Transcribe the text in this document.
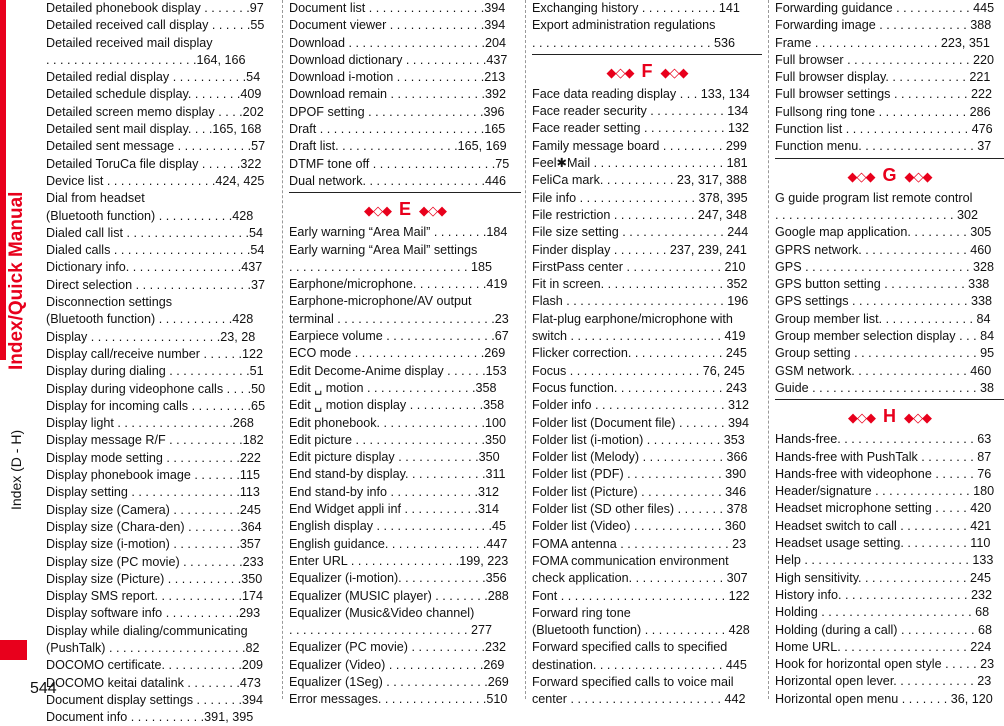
Index (D - H)
Index/Quick Manual
544
Detailed phonebook display . . . . . . .97
Detailed received call display . . . . . .55
Detailed received mail display
. . . . . . . . . . . . . . . . . . . . . .164, 166
Detailed redial display . . . . . . . . . . .54
Detailed schedule display. . . . . . . .409
Detailed screen memo display . . . .202
Detailed sent mail display. . . .165, 168
Detailed sent message . . . . . . . . . . .57
Detailed ToruCa file display . . . . . .322
Device list . . . . . . . . . . . . . . . .424, 425
Dial from headset
(Bluetooth function) . . . . . . . . . . .428
Dialed call list . . . . . . . . . . . . . . . . . .54
Dialed calls . . . . . . . . . . . . . . . . . . . .54
Dictionary info. . . . . . . . . . . . . . . . .437
Direct selection . . . . . . . . . . . . . . . . .37
Disconnection settings
(Bluetooth function) . . . . . . . . . . .428
Display . . . . . . . . . . . . . . . . . . .23, 28
Display call/receive number . . . . . .122
Display during dialing . . . . . . . . . . . .51
Display during videophone calls . . . .50
Display for incoming calls . . . . . . . . .65
Display light . . . . . . . . . . . . . . . . .268
Display message R/F . . . . . . . . . . .182
Display mode setting . . . . . . . . . . .222
Display phonebook image . . . . . . .115
Display setting . . . . . . . . . . . . . . . .113
Display size (Camera) . . . . . . . . . .245
Display size (Chara-den) . . . . . . . .364
Display size (i-motion) . . . . . . . . . .357
Display size (PC movie) . . . . . . . . .233
Display size (Picture) . . . . . . . . . . .350
Display SMS report. . . . . . . . . . . . .174
Display software info . . . . . . . . . . .293
Display while dialing/communicating
(PushTalk) . . . . . . . . . . . . . . . . . . . .82
DOCOMO certificate. . . . . . . . . . . .209
DOCOMO keitai datalink . . . . . . . .473
Document display settings . . . . . . .394
Document info . . . . . . . . . . .391, 395
Document list . . . . . . . . . . . . . . . . .394
Document viewer . . . . . . . . . . . . . .394
Download . . . . . . . . . . . . . . . . . . . .204
Download dictionary . . . . . . . . . . . .437
Download i-motion . . . . . . . . . . . . .213
Download remain . . . . . . . . . . . . . .392
DPOF setting . . . . . . . . . . . . . . . . .396
Draft . . . . . . . . . . . . . . . . . . . . . . . .165
Draft list. . . . . . . . . . . . . . . . . .165, 169
DTMF tone off . . . . . . . . . . . . . . . . . .75
Dual network. . . . . . . . . . . . . . . . . .446
◆◇◆ E ◆◇◆
Early warning “Area Mail” . . . . . . . .184
Early warning “Area Mail” settings
. . . . . . . . . . . . . . . . . . . . . . . . . . 185
Earphone/microphone. . . . . . . . . . .419
Earphone-microphone/AV output
terminal . . . . . . . . . . . . . . . . . . . . . . .23
Earpiece volume . . . . . . . . . . . . . . . .67
ECO mode . . . . . . . . . . . . . . . . . . .269
Edit Decome-Anime display . . . . . .153
Edit ␣ motion . . . . . . . . . . . . . . . .358
Edit ␣ motion display . . . . . . . . . . .358
Edit phonebook. . . . . . . . . . . . . . . .100
Edit picture . . . . . . . . . . . . . . . . . . .350
Edit picture display . . . . . . . . . . . .350
End stand-by display. . . . . . . . . . . .311
End stand-by info . . . . . . . . . . . . .312
End Widget appli inf . . . . . . . . . . .314
English display . . . . . . . . . . . . . . . . .45
English guidance. . . . . . . . . . . . . . .447
Enter URL . . . . . . . . . . . . . . . .199, 223
Equalizer (i-motion). . . . . . . . . . . . .356
Equalizer (MUSIC player) . . . . . . . .288
Equalizer (Music&Video channel)
. . . . . . . . . . . . . . . . . . . . . . . . . . 277
Equalizer (PC movie) . . . . . . . . . . .232
Equalizer (Video) . . . . . . . . . . . . . .269
Equalizer (1Seg) . . . . . . . . . . . . . . .269
Error messages. . . . . . . . . . . . . . . .510
Exchanging history . . . . . . . . . . . 141
Export administration regulations
. . . . . . . . . . . . . . . . . . . . . . . . . . 536
◆◇◆ F ◆◇◆
Face data reading display . . . 133, 134
Face reader security . . . . . . . . . . . 134
Face reader setting . . . . . . . . . . . . 132
Family message board . . . . . . . . . 299
Feel✱Mail . . . . . . . . . . . . . . . . . . . 181
FeliCa mark. . . . . . . . . . . 23, 317, 388
File info . . . . . . . . . . . . . . . . . 378, 395
File restriction . . . . . . . . . . . . 247, 348
File size setting . . . . . . . . . . . . . . . 244
Finder display . . . . . . . . 237, 239, 241
FirstPass center . . . . . . . . . . . . . . 210
Fit in screen. . . . . . . . . . . . . . . . . . 352
Flash . . . . . . . . . . . . . . . . . . . . . . . 196
Flat-plug earphone/microphone with
switch . . . . . . . . . . . . . . . . . . . . . . 419
Flicker correction. . . . . . . . . . . . . . 245
Focus . . . . . . . . . . . . . . . . . . . 76, 245
Focus function. . . . . . . . . . . . . . . . 243
Folder info . . . . . . . . . . . . . . . . . . . 312
Folder list (Document file) . . . . . . . 394
Folder list (i-motion) . . . . . . . . . . . 353
Folder list (Melody) . . . . . . . . . . . . 366
Folder list (PDF) . . . . . . . . . . . . . . 390
Folder list (Picture) . . . . . . . . . . . . 346
Folder list (SD other files) . . . . . . . 378
Folder list (Video) . . . . . . . . . . . . . 360
FOMA antenna . . . . . . . . . . . . . . . . 23
FOMA communication environment
check application. . . . . . . . . . . . . . 307
Font . . . . . . . . . . . . . . . . . . . . . . . . 122
Forward ring tone
(Bluetooth function) . . . . . . . . . . . . 428
Forward specified calls to specified
destination. . . . . . . . . . . . . . . . . . . 445
Forward specified calls to voice mail
center . . . . . . . . . . . . . . . . . . . . . . 442
Forwarding guidance . . . . . . . . . . . 445
Forwarding image . . . . . . . . . . . . . 388
Frame . . . . . . . . . . . . . . . . . . 223, 351
Full browser . . . . . . . . . . . . . . . . . . 220
Full browser display. . . . . . . . . . . . 221
Full browser settings . . . . . . . . . . . 222
Fullsong ring tone . . . . . . . . . . . . . 286
Function list . . . . . . . . . . . . . . . . . . 476
Function menu. . . . . . . . . . . . . . . . . 37
◆◇◆ G ◆◇◆
G guide program list remote control
. . . . . . . . . . . . . . . . . . . . . . . . . . 302
Google map application. . . . . . . . . 305
GPRS network. . . . . . . . . . . . . . . . 460
GPS . . . . . . . . . . . . . . . . . . . . . . . . 328
GPS button setting . . . . . . . . . . . . 338
GPS settings . . . . . . . . . . . . . . . . . 338
Group member list. . . . . . . . . . . . . . 84
Group member selection display . . . 84
Group setting . . . . . . . . . . . . . . . . . . 95
GSM network. . . . . . . . . . . . . . . . . 460
Guide . . . . . . . . . . . . . . . . . . . . . . . . 38
◆◇◆ H ◆◇◆
Hands-free. . . . . . . . . . . . . . . . . . . . 63
Hands-free with PushTalk . . . . . . . . 87
Hands-free with videophone . . . . . . 76
Header/signature . . . . . . . . . . . . . . 180
Headset microphone setting . . . . . 420
Headset switch to call . . . . . . . . . . 421
Headset usage setting. . . . . . . . . . 110
Help . . . . . . . . . . . . . . . . . . . . . . . . 133
High sensitivity. . . . . . . . . . . . . . . . 245
History info. . . . . . . . . . . . . . . . . . . 232
Holding . . . . . . . . . . . . . . . . . . . . . . 68
Holding (during a call) . . . . . . . . . . . 68
Home URL. . . . . . . . . . . . . . . . . . . 224
Hook for horizontal open style . . . . . 23
Horizontal open lever. . . . . . . . . . . . 23
Horizontal open menu . . . . . . . 36, 120
